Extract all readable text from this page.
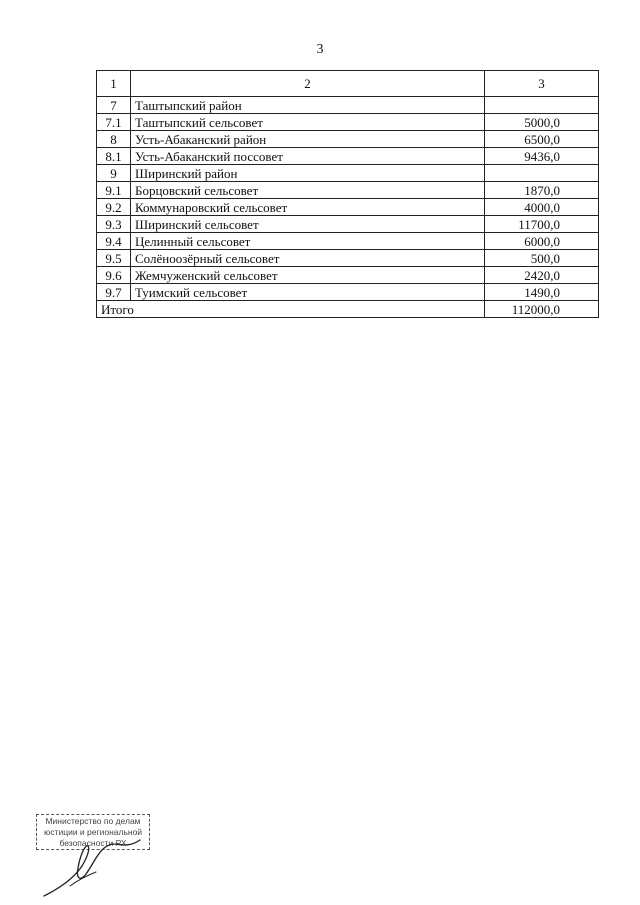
3
1	2	3
7	Таштыпский район	
7.1	Таштыпский сельсовет	5000,0
8	Усть-Абаканский район	6500,0
8.1	Усть-Абаканский поссовет	9436,0
9	Ширинский район	
9.1	Борцовский сельсовет	1870,0
9.2	Коммунаровский сельсовет	4000,0
9.3	Ширинский сельсовет	11700,0
9.4	Целинный сельсовет	6000,0
9.5	Солёноозёрный сельсовет	500,0
9.6	Жемчуженский сельсовет	2420,0
9.7	Туимский сельсовет	1490,0
Итого		112000,0
Министерство по делам
юстиции и региональной
безопасности РХ
